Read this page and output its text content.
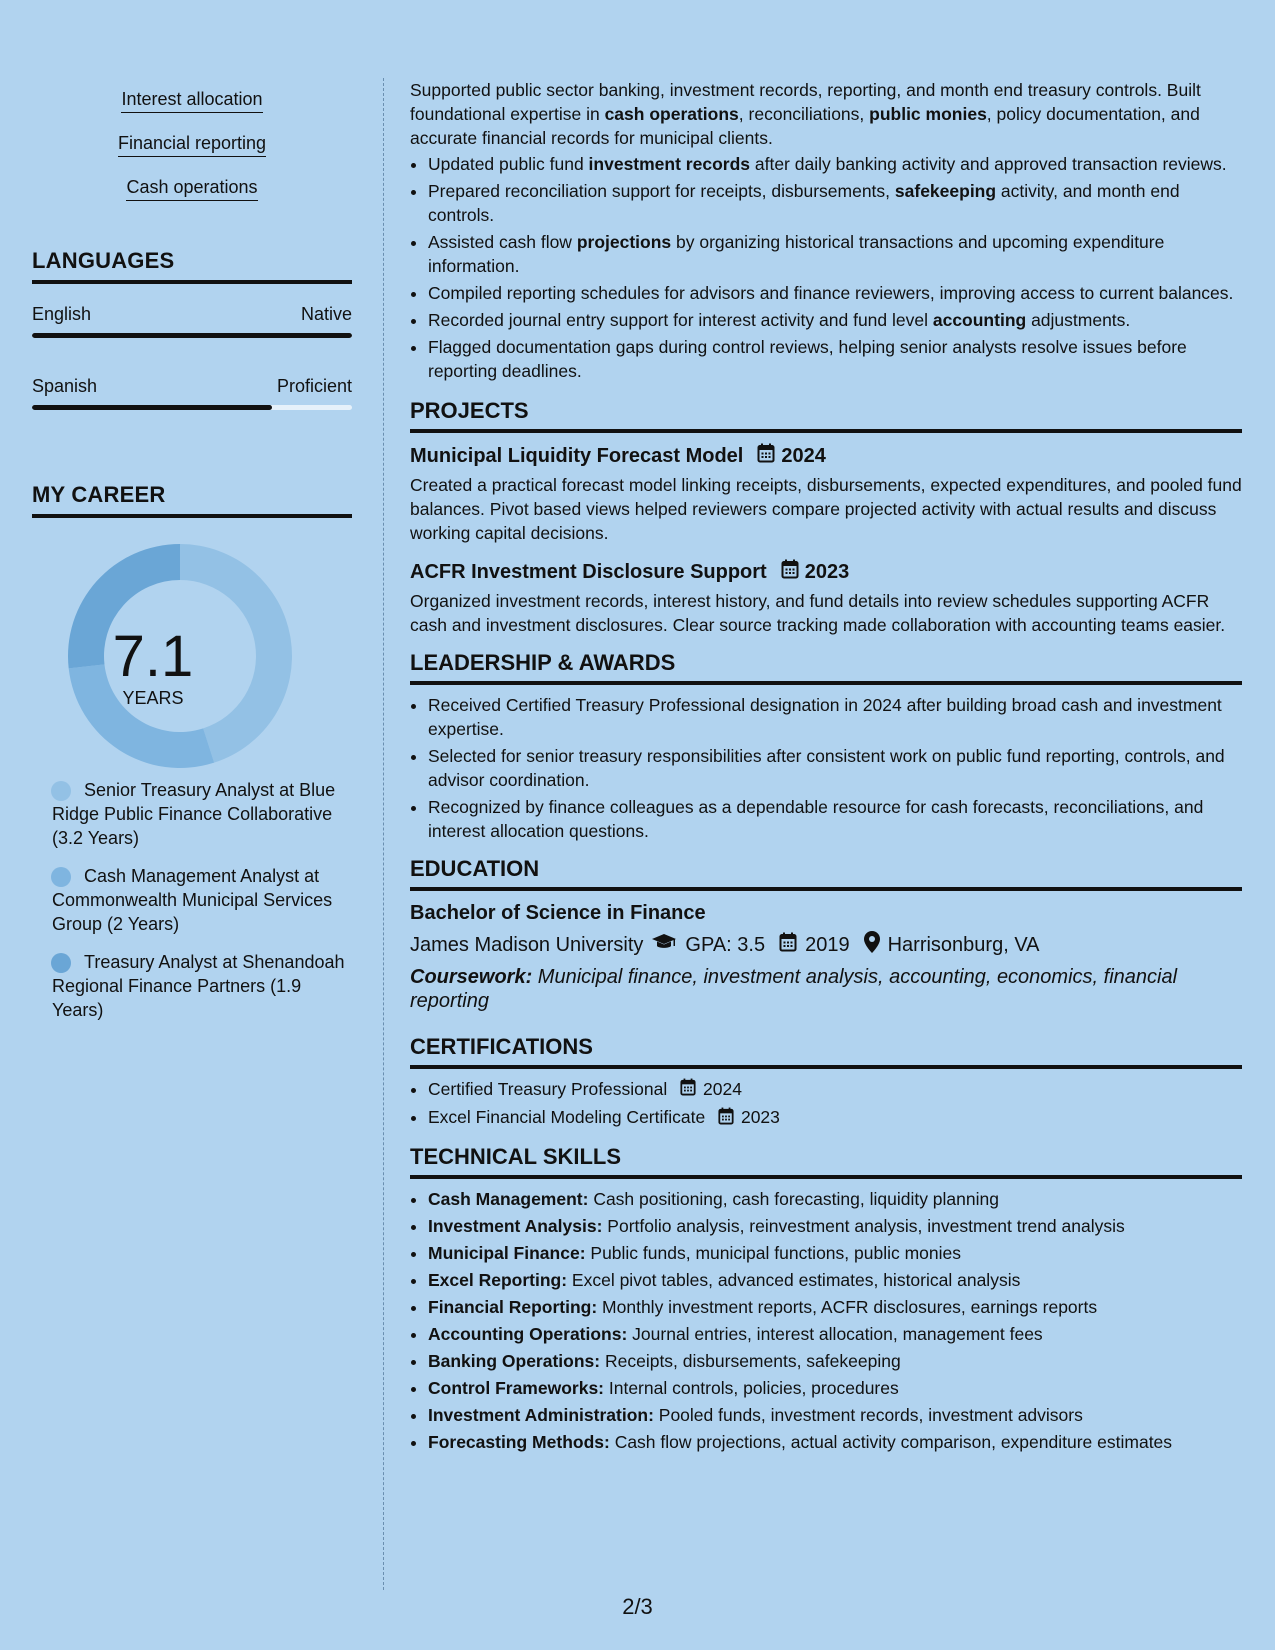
Interest allocation
Financial reporting
Cash operations
LANGUAGES
English	Native
Spanish	Proficient
MY CAREER
7.1
YEARS
Senior Treasury Analyst at Blue Ridge Public Finance Collaborative (3.2 Years)
Cash Management Analyst at Commonwealth Municipal Services Group (2 Years)
Treasury Analyst at Shenandoah Regional Finance Partners (1.9 Years)
Supported public sector banking, investment records, reporting, and month end treasury controls. Built foundational expertise in cash operations, reconciliations, public monies, policy documentation, and accurate financial records for municipal clients.
• Updated public fund investment records after daily banking activity and approved transaction reviews.
• Prepared reconciliation support for receipts, disbursements, safekeeping activity, and month end controls.
• Assisted cash flow projections by organizing historical transactions and upcoming expenditure information.
• Compiled reporting schedules for advisors and finance reviewers, improving access to current balances.
• Recorded journal entry support for interest activity and fund level accounting adjustments.
• Flagged documentation gaps during control reviews, helping senior analysts resolve issues before reporting deadlines.
PROJECTS
Municipal Liquidity Forecast Model 2024
Created a practical forecast model linking receipts, disbursements, expected expenditures, and pooled fund balances. Pivot based views helped reviewers compare projected activity with actual results and discuss working capital decisions.
ACFR Investment Disclosure Support 2023
Organized investment records, interest history, and fund details into review schedules supporting ACFR cash and investment disclosures. Clear source tracking made collaboration with accounting teams easier.
LEADERSHIP & AWARDS
• Received Certified Treasury Professional designation in 2024 after building broad cash and investment expertise.
• Selected for senior treasury responsibilities after consistent work on public fund reporting, controls, and advisor coordination.
• Recognized by finance colleagues as a dependable resource for cash forecasts, reconciliations, and interest allocation questions.
EDUCATION
Bachelor of Science in Finance
James Madison University GPA: 3.5 2019 Harrisonburg, VA
Coursework: Municipal finance, investment analysis, accounting, economics, financial reporting
CERTIFICATIONS
• Certified Treasury Professional 2024
• Excel Financial Modeling Certificate 2023
TECHNICAL SKILLS
• Cash Management: Cash positioning, cash forecasting, liquidity planning
• Investment Analysis: Portfolio analysis, reinvestment analysis, investment trend analysis
• Municipal Finance: Public funds, municipal functions, public monies
• Excel Reporting: Excel pivot tables, advanced estimates, historical analysis
• Financial Reporting: Monthly investment reports, ACFR disclosures, earnings reports
• Accounting Operations: Journal entries, interest allocation, management fees
• Banking Operations: Receipts, disbursements, safekeeping
• Control Frameworks: Internal controls, policies, procedures
• Investment Administration: Pooled funds, investment records, investment advisors
• Forecasting Methods: Cash flow projections, actual activity comparison, expenditure estimates
2/3
